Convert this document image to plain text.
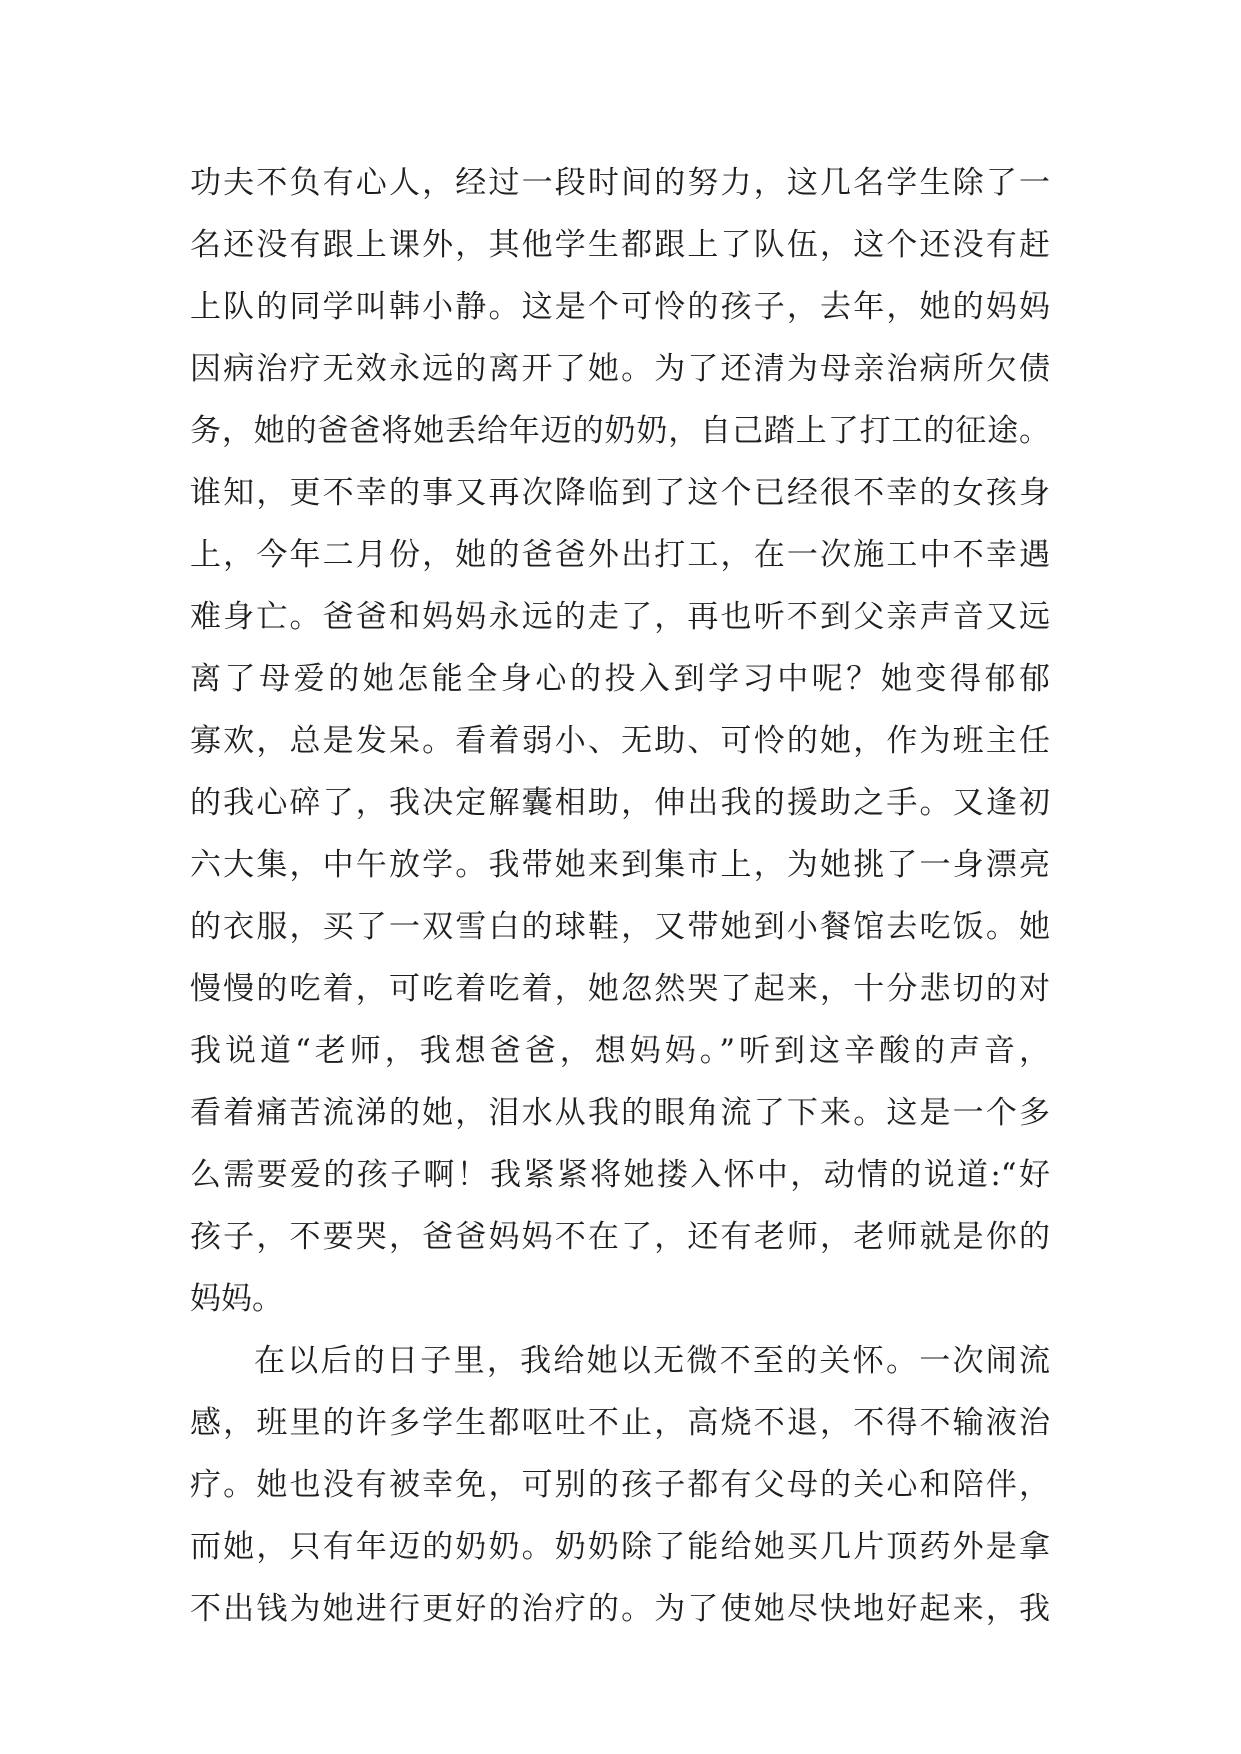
功夫不负有心人，经过一段时间的努力，这几名学生除了一
名还没有跟上课外，其他学生都跟上了队伍，这个还没有赶
上队的同学叫韩小静。这是个可怜的孩子，去年，她的妈妈
因病治疗无效永远的离开了她。为了还清为母亲治病所欠债
务，她的爸爸将她丢给年迈的奶奶，自己踏上了打工的征途。
谁知，更不幸的事又再次降临到了这个已经很不幸的女孩身
上，今年二月份，她的爸爸外出打工，在一次施工中不幸遇
难身亡。爸爸和妈妈永远的走了，再也听不到父亲声音又远
离了母爱的她怎能全身心的投入到学习中呢？她变得郁郁
寡欢，总是发呆。看着弱小、无助、可怜的她，作为班主任
的我心碎了，我决定解囊相助，伸出我的援助之手。又逢初
六大集，中午放学。我带她来到集市上，为她挑了一身漂亮
的衣服，买了一双雪白的球鞋，又带她到小餐馆去吃饭。她
慢慢的吃着，可吃着吃着，她忽然哭了起来，十分悲切的对
我说道“老师，我想爸爸，想妈妈。”听到这辛酸的声音，
看着痛苦流涕的她，泪水从我的眼角流了下来。这是一个多
么需要爱的孩子啊！我紧紧将她搂入怀中，动情的说道:“好
孩子，不要哭，爸爸妈妈不在了，还有老师，老师就是你的
妈妈。
在以后的日子里，我给她以无微不至的关怀。一次闹流
感，班里的许多学生都呕吐不止，高烧不退，不得不输液治
疗。她也没有被幸免，可别的孩子都有父母的关心和陪伴，
而她，只有年迈的奶奶。奶奶除了能给她买几片顶药外是拿
不出钱为她进行更好的治疗的。为了使她尽快地好起来，我
